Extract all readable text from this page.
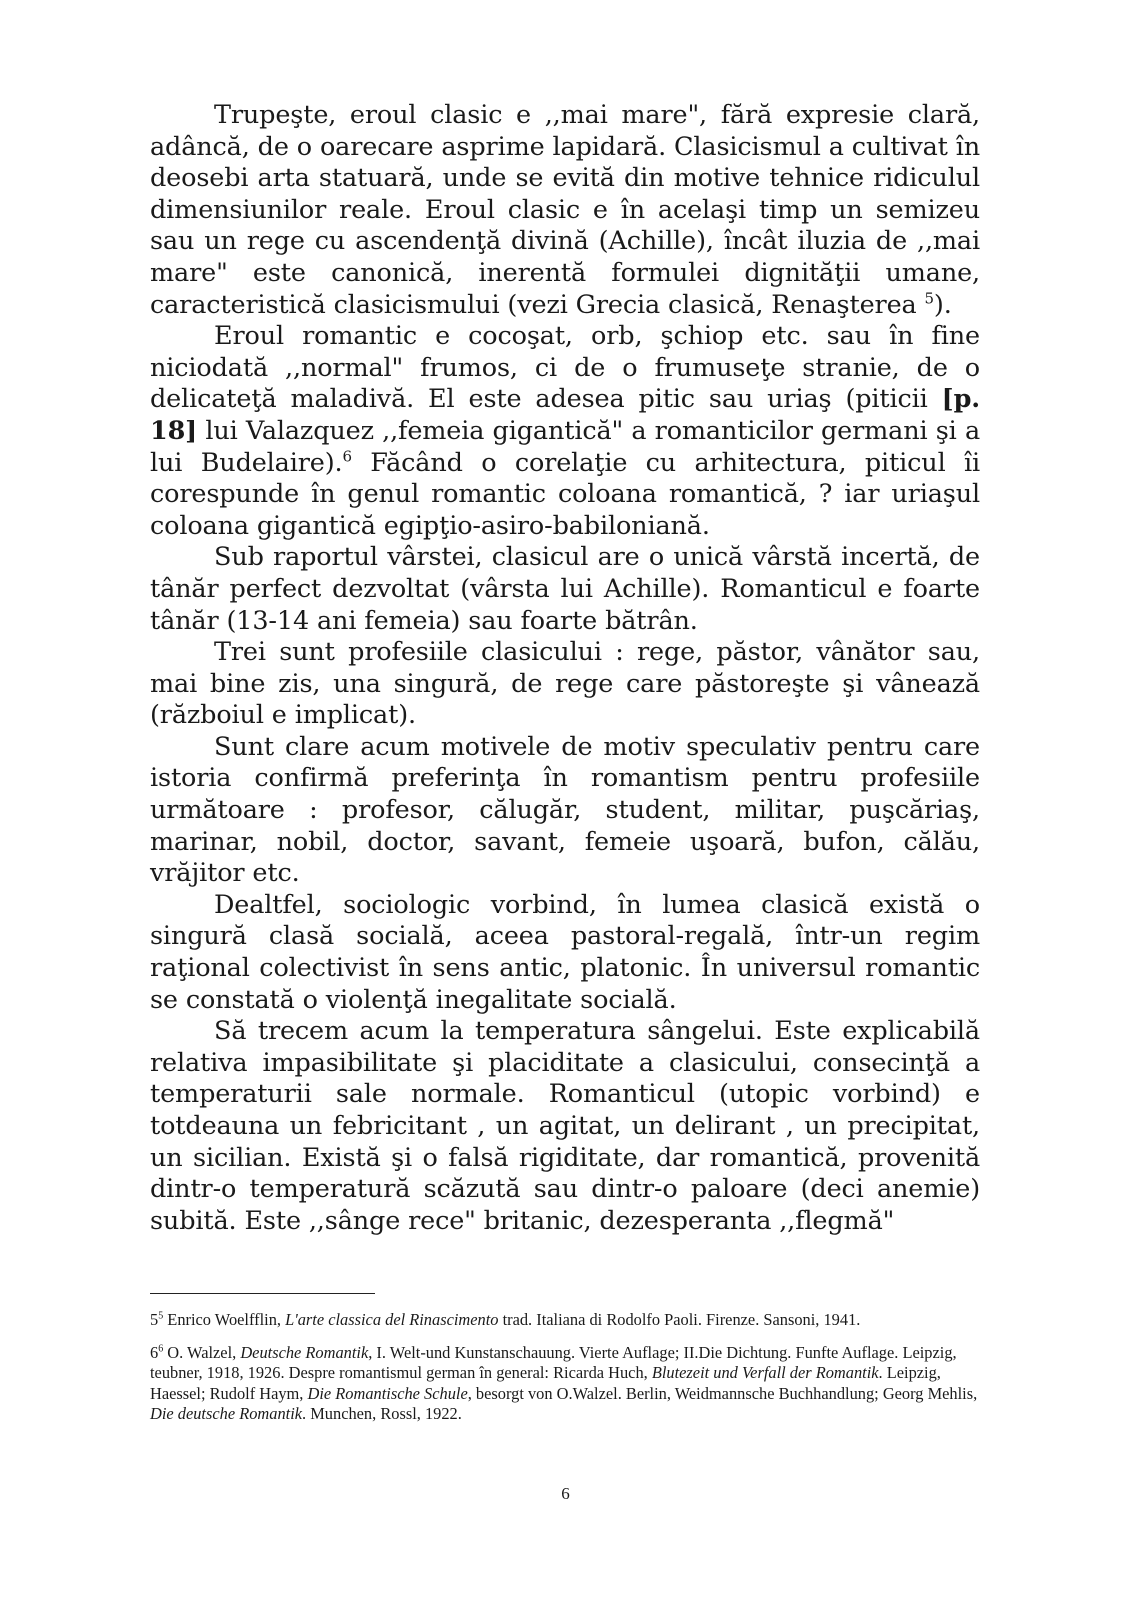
Trupeşte, eroul clasic e ,,mai mare", fără expresie clară, adâncă, de o oarecare asprime lapidară. Clasicismul a cultivat în deosebi arta statuară, unde se evită din motive tehnice ridiculul dimensiunilor reale. Eroul clasic e în acelaşi timp un semizeu sau un rege cu ascendenţă divină (Achille), încât iluzia de ,,mai mare" este canonică, inerentă formulei dignităţii umane, caracteristică clasicismului (vezi Grecia clasică, Renaşterea $^5$).

Eroul romantic e cocoşat, orb, şchiop etc. sau în fine niciodată ,,normal" frumos, ci de o frumuseţe stranie, de o delicateţă maladivă. El este adesea pitic sau uriaş (piticii [p. 18] lui Valazquez ,,femeia gigantică" a romanticilor germani şi a lui Budelaire).$^6$ Făcând o corelaţie cu arhitectura, piticul îi corespunde în genul romantic coloana romantică, ? iar uriaşul coloana gigantică egipţio-asiro-babiloniană.

Sub raportul vârstei, clasicul are o unică vârstă incertă, de tânăr perfect dezvoltat (vârsta lui Achille). Romanticul e foarte tânăr (13-14 ani femeia) sau foarte bătrân.

Trei sunt profesiile clasicului : rege, păstor, vânător sau, mai bine zis, una singură, de rege care păstoreşte şi vânează (războiul e implicat).

Sunt clare acum motivele de motiv speculativ pentru care istoria confirmă preferinţa în romantism pentru profesiile următoare : profesor, călugăr, student, militar, puşcăriaş, marinar, nobil, doctor, savant, femeie uşoară, bufon, călău, vrăjitor etc.

Dealtfel, sociologic vorbind, în lumea clasică există o singură clasă socială, aceea pastoral-regală, într-un regim raţional colectivist în sens antic, platonic. În universul romantic se constată o violenţă inegalitate socială.

Să trecem acum la temperatura sângelui. Este explicabilă relativa impasibilitate şi placiditate a clasicului, consecinţă a temperaturii sale normale. Romanticul (utopic vorbind) e totdeauna un febricitant , un agitat, un delirant , un precipitat, un sicilian. Există şi o falsă rigiditate, dar romantică, provenită dintr-o temperatură scăzută sau dintr-o paloare (deci anemie) subită. Este ,,sânge rece" britanic, dezesperanta ,,flegmă"

$5^5$ Enrico Woelfflin, L'arte classica del Rinascimento trad. Italiana di Rodolfo Paoli. Firenze. Sansoni, 1941.

$6^6$ O. Walzel, Deutsche Romantik, I. Welt-und Kunstanschauung. Vierte Auflage; II.Die Dichtung. Funfte Auflage. Leipzig, teubner, 1918, 1926. Despre romantismul german în general: Ricarda Huch, Blutezeit und Verfall der Romantik. Leipzig, Haessel; Rudolf Haym, Die Romantische Schule, besorgt von O.Walzel. Berlin, Weidmannsche Buchhandlung; Georg Mehlis, Die deutsche Romantik. Munchen, Rossl, 1922.

6
